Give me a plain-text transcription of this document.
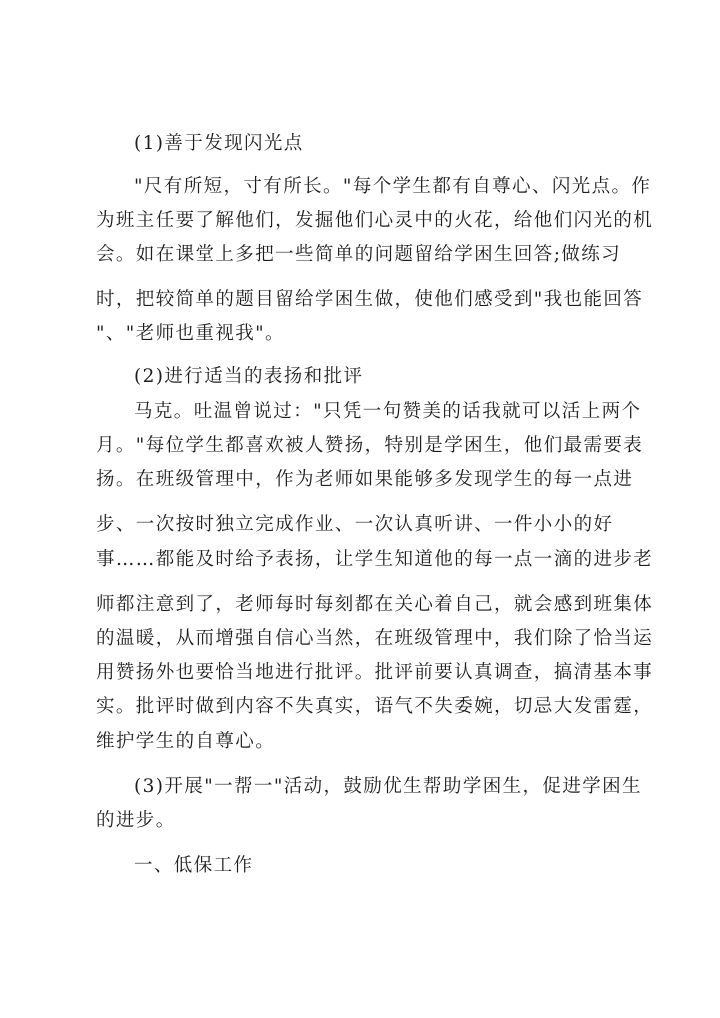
(1)善于发现闪光点
"尺有所短，寸有所长。"每个学生都有自尊心、闪光点。作
为班主任要了解他们，发掘他们心灵中的火花，给他们闪光的机
会。如在课堂上多把一些简单的问题留给学困生回答;做练习
时，把较简单的题目留给学困生做，使他们感受到"我也能回答
"、"老师也重视我"。
(2)进行适当的表扬和批评
马克。吐温曾说过："只凭一句赞美的话我就可以活上两个
月。"每位学生都喜欢被人赞扬，特别是学困生，他们最需要表
扬。在班级管理中，作为老师如果能够多发现学生的每一点进
步、一次按时独立完成作业、一次认真听讲、一件小小的好
事……都能及时给予表扬，让学生知道他的每一点一滴的进步老
师都注意到了，老师每时每刻都在关心着自己，就会感到班集体
的温暖，从而增强自信心当然，在班级管理中，我们除了恰当运
用赞扬外也要恰当地进行批评。批评前要认真调查，搞清基本事
实。批评时做到内容不失真实，语气不失委婉，切忌大发雷霆，
维护学生的自尊心。
(3)开展"一帮一"活动，鼓励优生帮助学困生，促进学困生
的进步。
一、低保工作
